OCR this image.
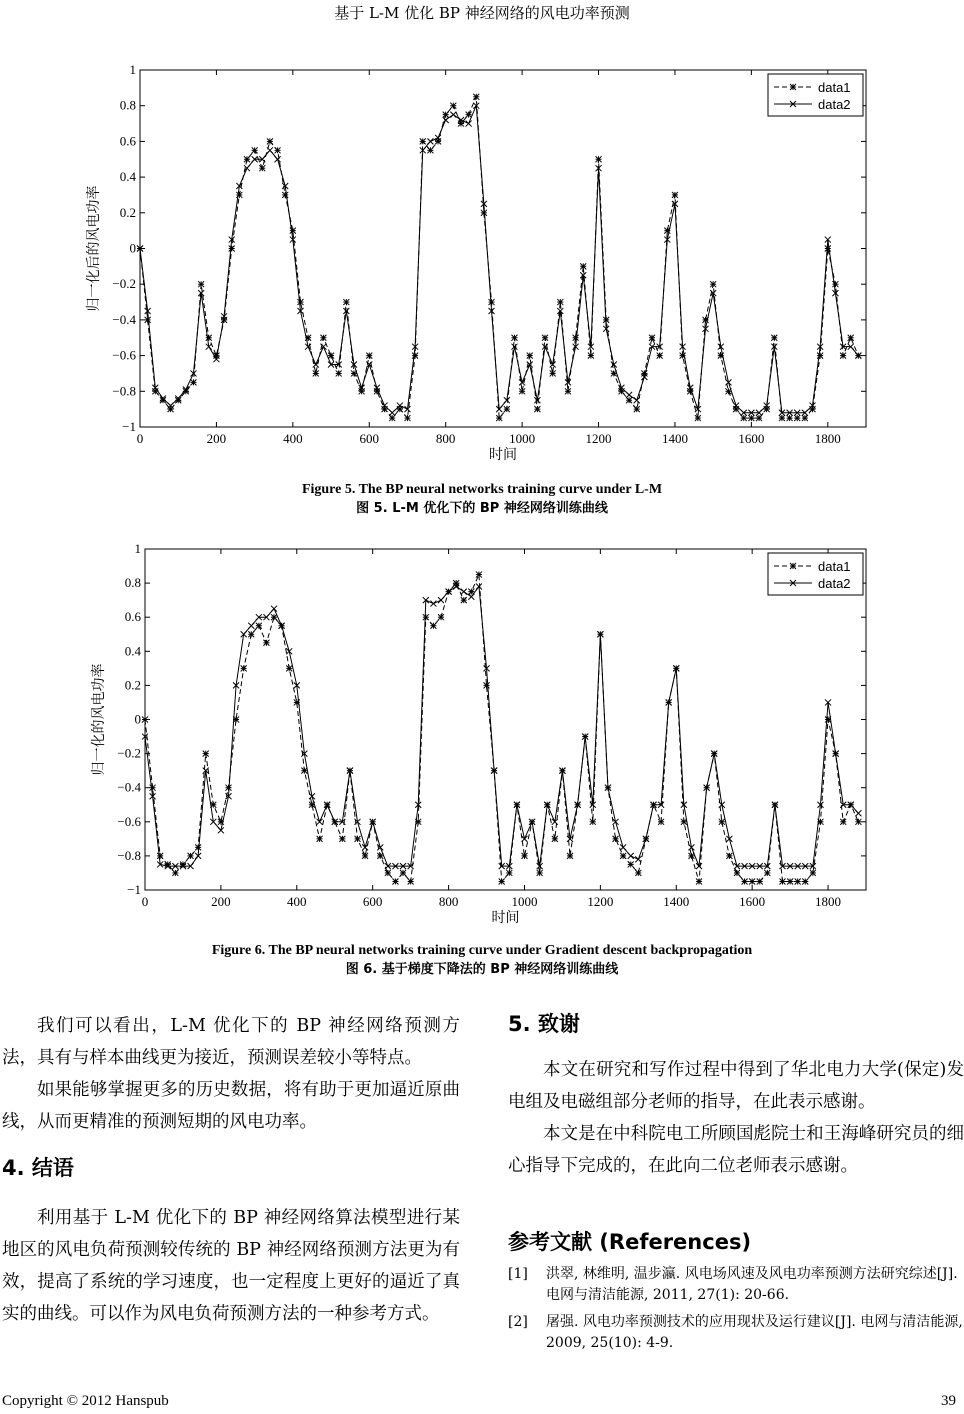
基于 L-M 优化 BP 神经网络的风电功率预测
1
0.8
0.6
0.4
0.2
0
−0.2
−0.4
−0.6
−0.8
−1
0	200	400	600	800	1000	1200	1400	1600	1800
时间
归一化后的风电功率
data1
data2
Figure 5. The BP neural networks training curve under L-M
图 5. L-M 优化下的 BP 神经网络训练曲线
1
0.8
0.6
0.4
0.2
0
−0.2
−0.4
−0.6
−0.8
−1
0	200	400	600	800	1000	1200	1400	1600	1800
时间
归一化的风电功率
data1
data2
Figure 6. The BP neural networks training curve under Gradient descent backpropagation
图 6. 基于梯度下降法的 BP 神经网络训练曲线

我们可以看出，L-M 优化下的 BP 神经网络预测方法，具有与样本曲线更为接近，预测误差较小等特点。

如果能够掌握更多的历史数据，将有助于更加逼近原曲线，从而更精准的预测短期的风电功率。

4. 结语

利用基于 L-M 优化下的 BP 神经网络算法模型进行某地区的风电负荷预测较传统的 BP 神经网络预测方法更为有效，提高了系统的学习速度，也一定程度上更好的逼近了真实的曲线。可以作为风电负荷预测方法的一种参考方式。

5. 致谢

本文在研究和写作过程中得到了华北电力大学(保定)发电组及电磁组部分老师的指导，在此表示感谢。

本文是在中科院电工所顾国彪院士和王海峰研究员的细心指导下完成的，在此向二位老师表示感谢。

参考文献 (References)
[1]	洪翠, 林维明, 温步瀛. 风电场风速及风电功率预测方法研究综述[J]. 电网与清洁能源, 2011, 27(1): 20-66.
[2]	屠强. 风电功率预测技术的应用现状及运行建议[J]. 电网与清洁能源, 2009, 25(10): 4-9.
Copyright © 2012 Hanspub	39
